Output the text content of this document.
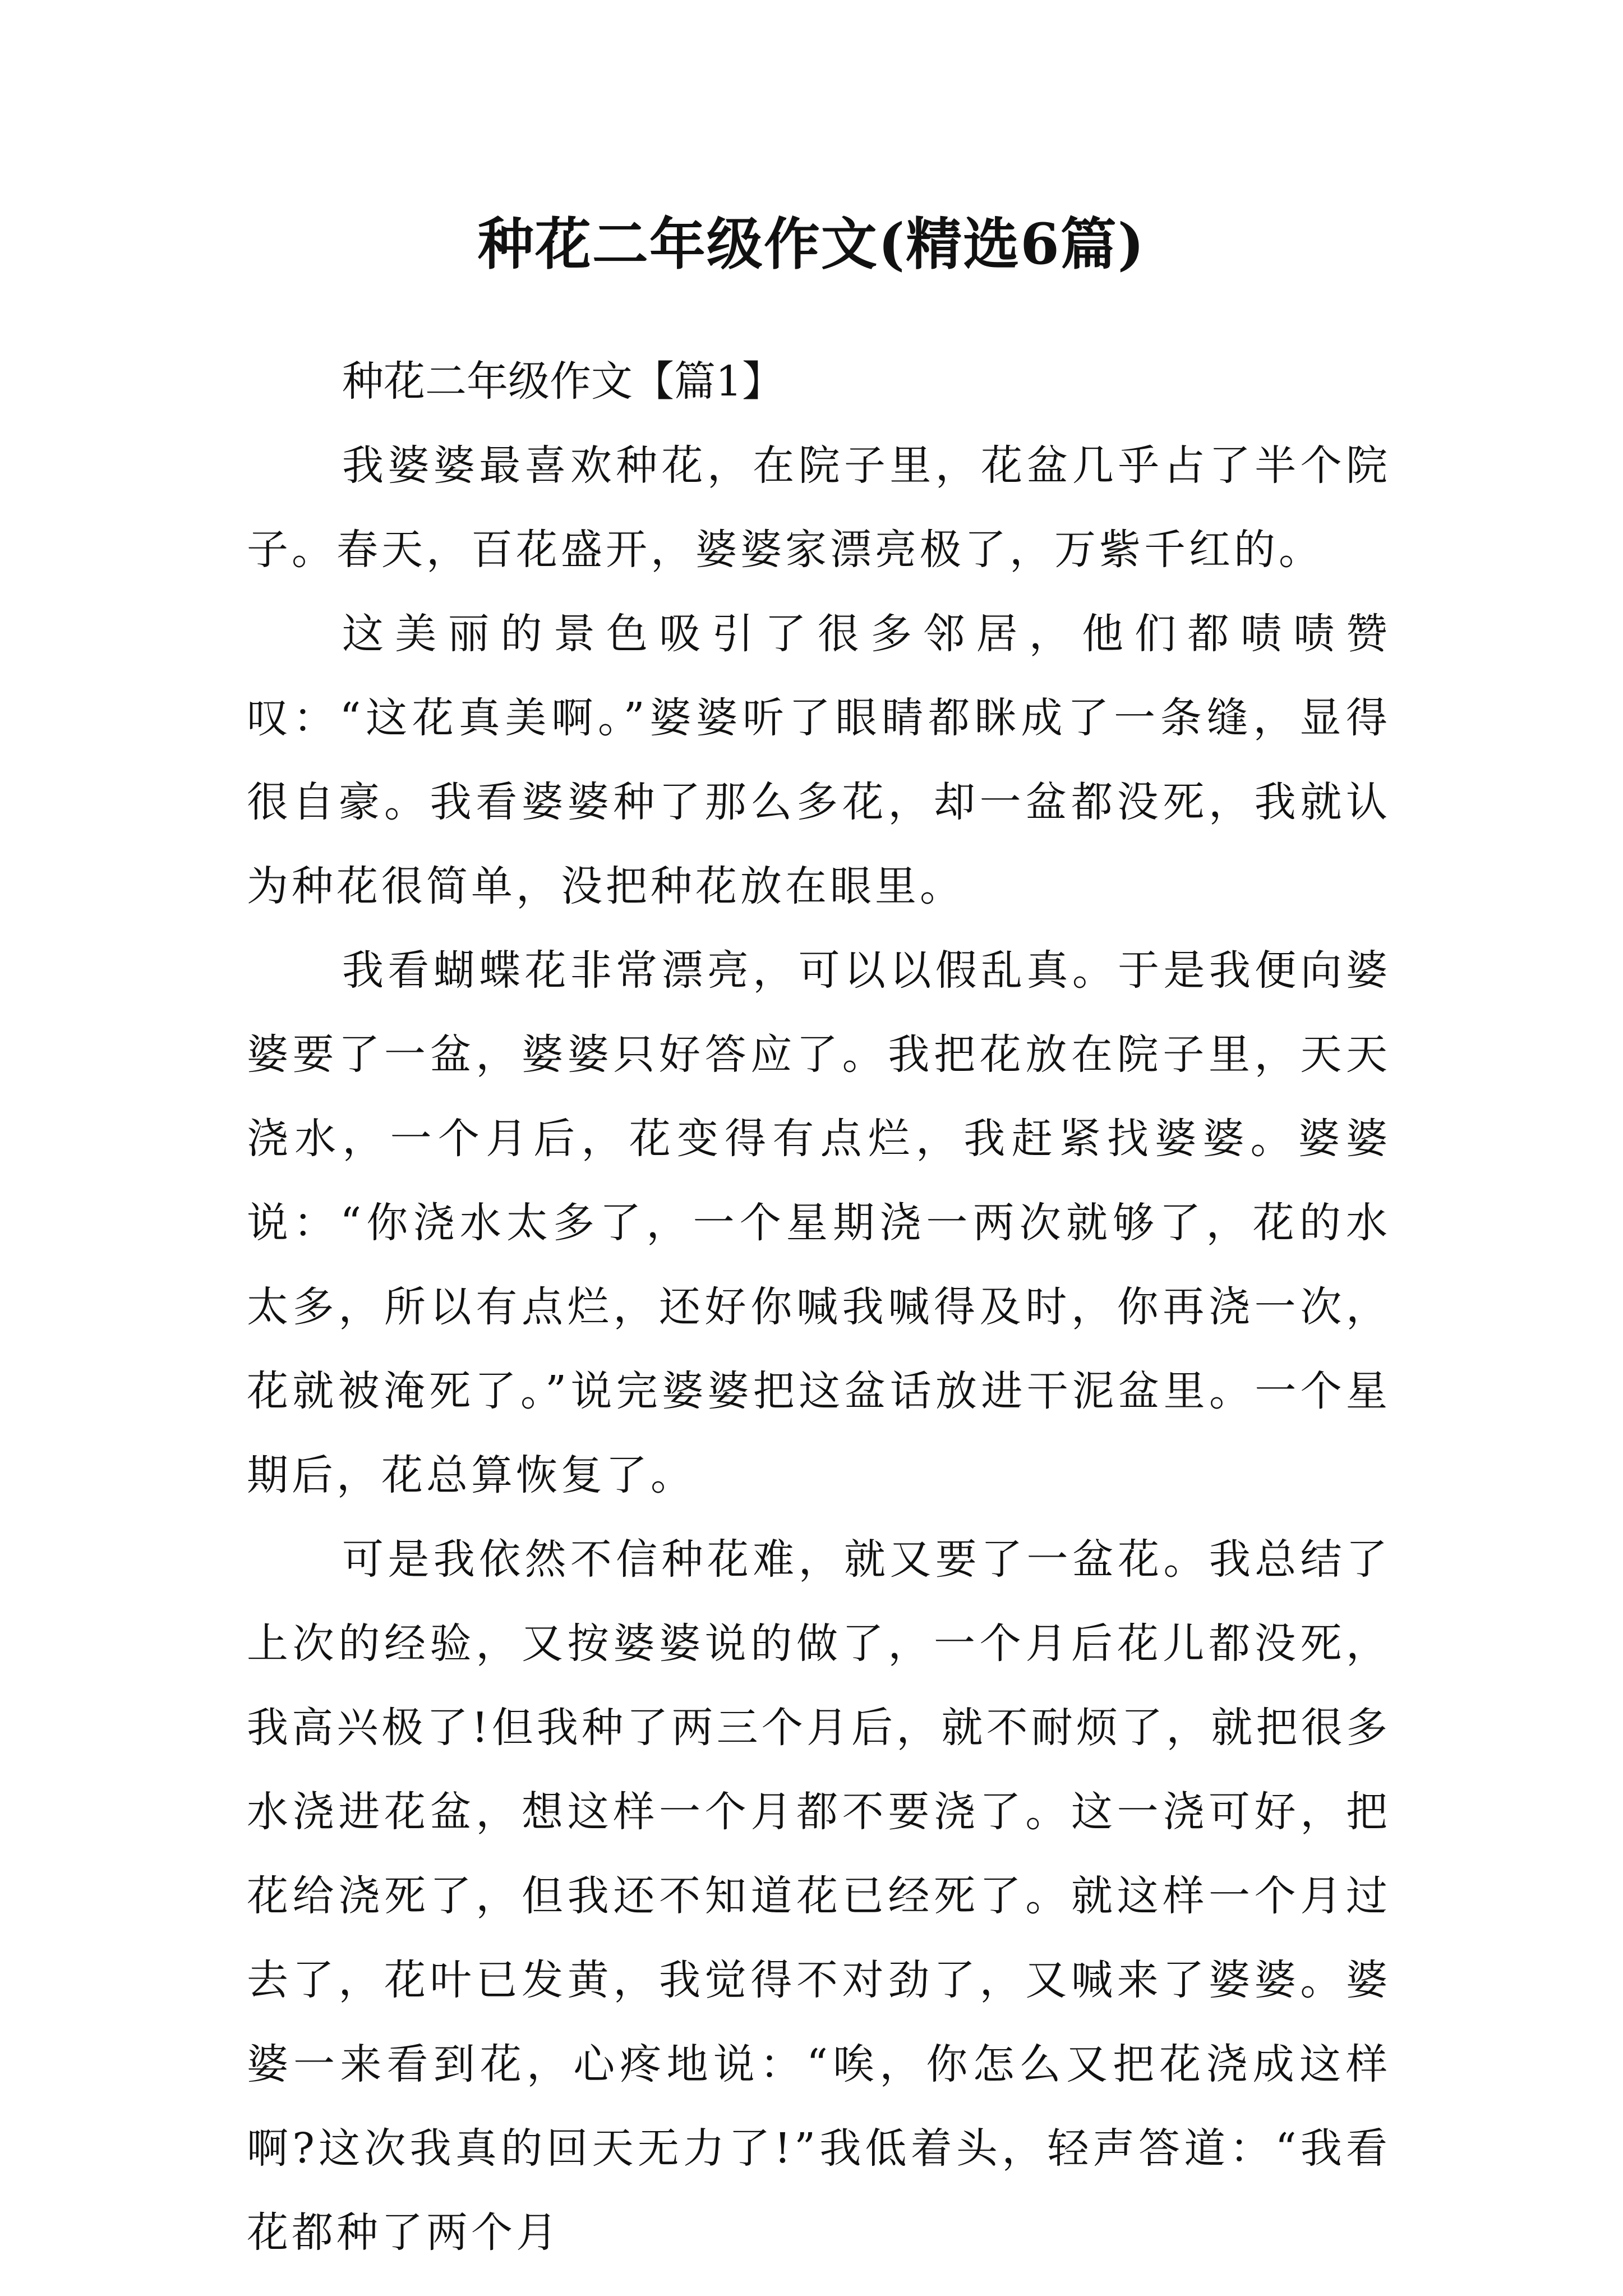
种花二年级作文(精选6篇)

种花二年级作文【篇1】

我婆婆最喜欢种花，在院子里，花盆几乎占了半个院子。春天，百花盛开，婆婆家漂亮极了，万紫千红的。

这美丽的景色吸引了很多邻居，他们都啧啧赞叹：“这花真美啊。”婆婆听了眼睛都眯成了一条缝，显得很自豪。我看婆婆种了那么多花，却一盆都没死，我就认为种花很简单，没把种花放在眼里。

我看蝴蝶花非常漂亮，可以以假乱真。于是我便向婆婆要了一盆，婆婆只好答应了。我把花放在院子里，天天浇水，一个月后，花变得有点烂，我赶紧找婆婆。婆婆说：“你浇水太多了，一个星期浇一两次就够了，花的水太多，所以有点烂，还好你喊我喊得及时，你再浇一次，花就被淹死了。”说完婆婆把这盆话放进干泥盆里。一个星期后，花总算恢复了。

可是我依然不信种花难，就又要了一盆花。我总结了上次的经验，又按婆婆说的做了，一个月后花儿都没死，我高兴极了!但我种了两三个月后，就不耐烦了，就把很多水浇进花盆，想这样一个月都不要浇了。这一浇可好，把花给浇死了，但我还不知道花已经死了。就这样一个月过去了，花叶已发黄，我觉得不对劲了，又喊来了婆婆。婆婆一来看到花，心疼地说：“唉，你怎么又把花浇成这样啊?这次我真的回天无力了!”我低着头，轻声答道：“我看花都种了两个月
